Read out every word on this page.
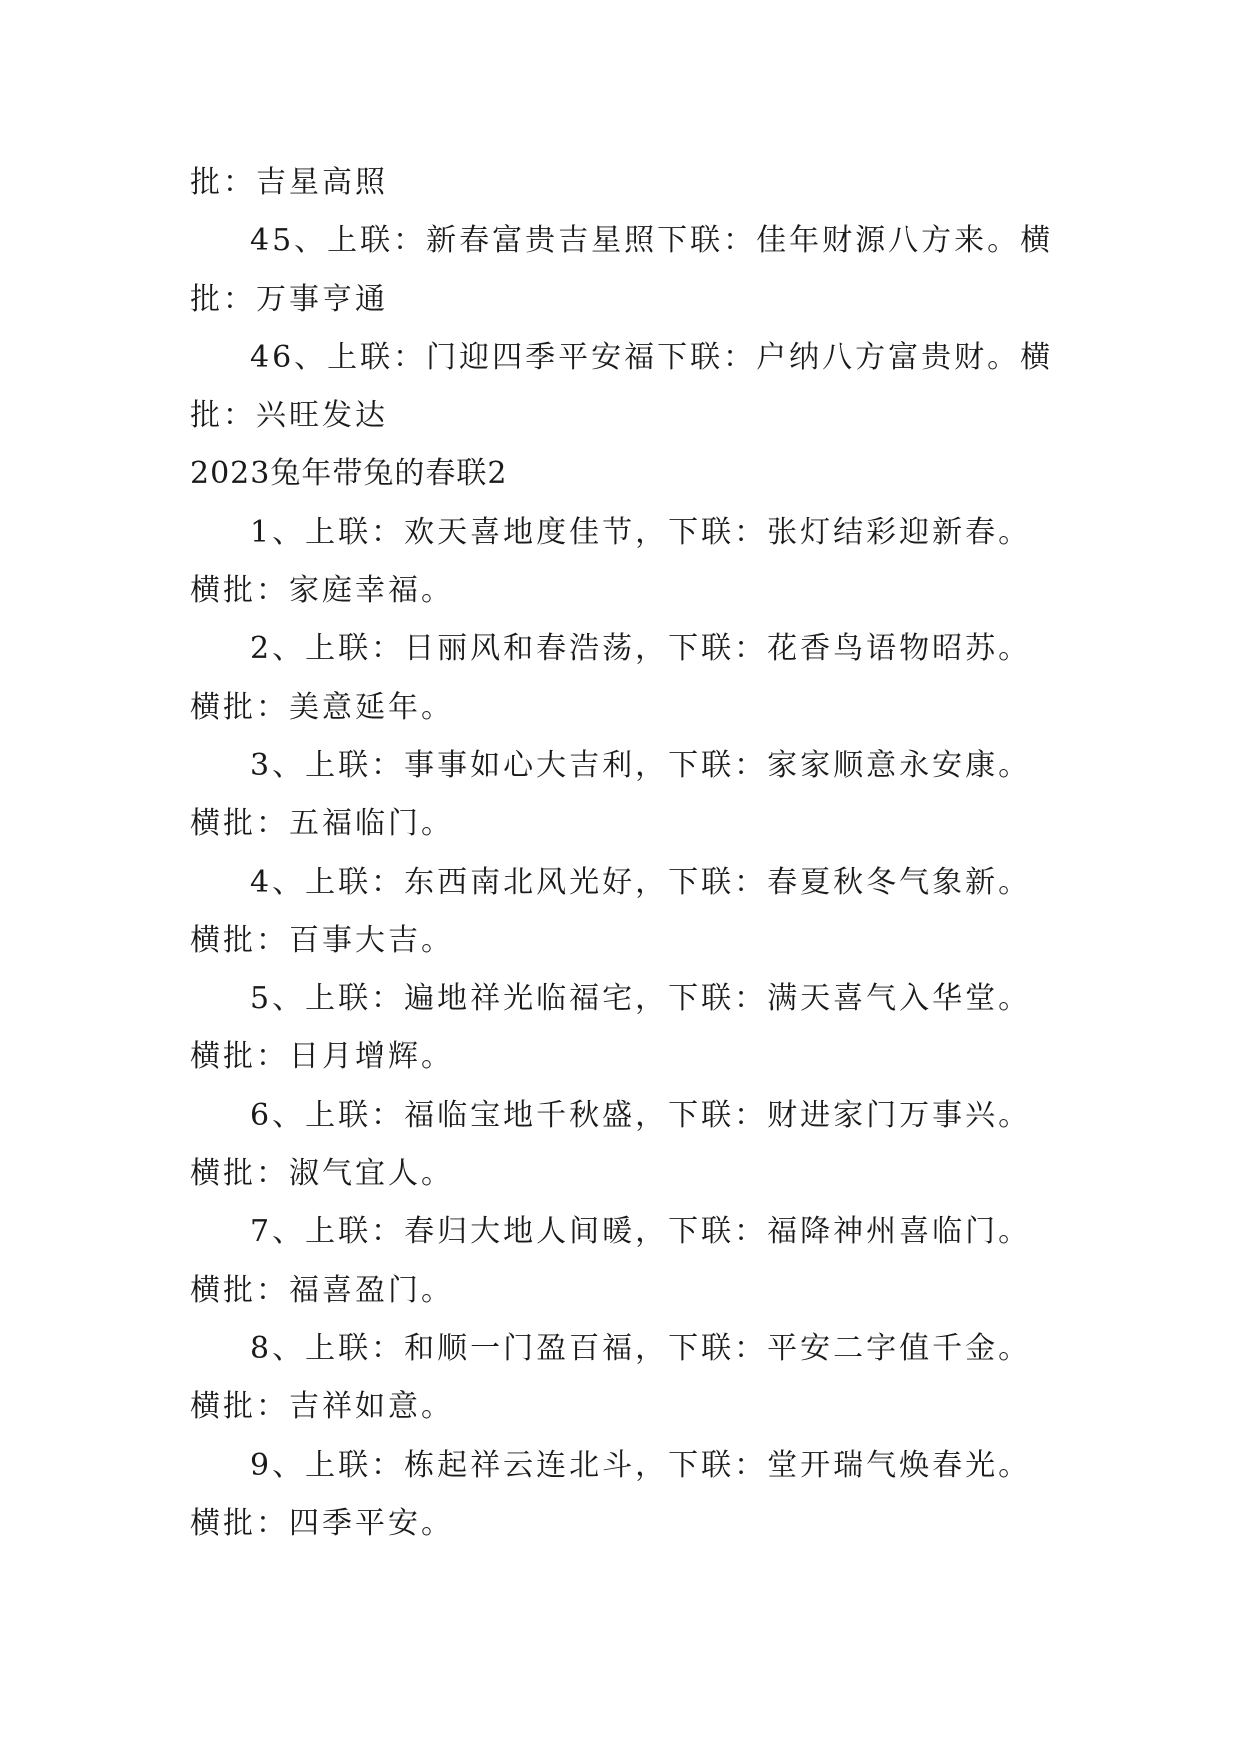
批：吉星高照
45、上联：新春富贵吉星照下联：佳年财源八方来。横
批：万事亨通
46、上联：门迎四季平安福下联：户纳八方富贵财。横
批：兴旺发达
2023兔年带兔的春联2
1、上联：欢天喜地度佳节，下联：张灯结彩迎新春。
横批：家庭幸福。
2、上联：日丽风和春浩荡，下联：花香鸟语物昭苏。
横批：美意延年。
3、上联：事事如心大吉利，下联：家家顺意永安康。
横批：五福临门。
4、上联：东西南北风光好，下联：春夏秋冬气象新。
横批：百事大吉。
5、上联：遍地祥光临福宅，下联：满天喜气入华堂。
横批：日月增辉。
6、上联：福临宝地千秋盛，下联：财进家门万事兴。
横批：淑气宜人。
7、上联：春归大地人间暖，下联：福降神州喜临门。
横批：福喜盈门。
8、上联：和顺一门盈百福，下联：平安二字值千金。
横批：吉祥如意。
9、上联：栋起祥云连北斗，下联：堂开瑞气焕春光。
横批：四季平安。
